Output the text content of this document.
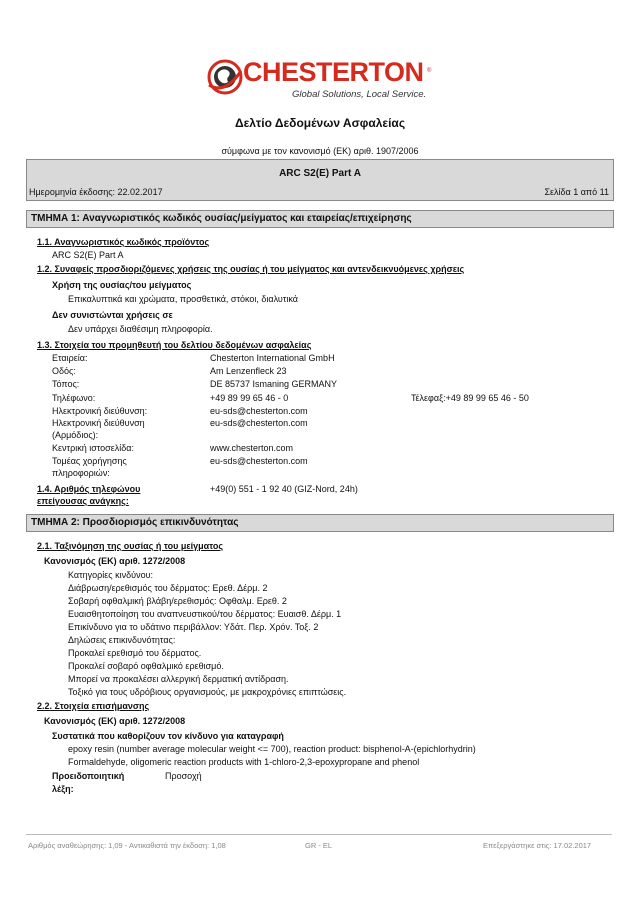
CHESTERTON ®
Global Solutions, Local Service.
Δελτίο Δεδομένων Ασφαλείας
σύμφωνα με τον κανονισμό (ΕΚ) αριθ. 1907/2006
ARC S2(E) Part A
Ημερομηνία έκδοσης: 22.02.2017	Σελίδα 1 από 11
ΤΜΗΜΑ 1: Αναγνωριστικός κωδικός ουσίας/μείγματος και εταιρείας/επιχείρησης
1.1. Αναγνωριστικός κωδικός προϊόντος
ARC S2(E) Part A
1.2. Συναφείς προσδιοριζόμενες χρήσεις της ουσίας ή του μείγματος και αντενδεικνυόμενες χρήσεις
Χρήση της ουσίας/του μείγματος
Επικαλυπτικά και χρώματα, προσθετικά, στόκοι, διαλυτικά
Δεν συνιστώνται χρήσεις σε
Δεν υπάρχει διαθέσιμη πληροφορία.
1.3. Στοιχεία του προμηθευτή του δελτίου δεδομένων ασφαλείας
Εταιρεία:	Chesterton International GmbH
Οδός:	Am Lenzenfleck 23
Τόπος:	DE 85737 Ismaning GERMANY
Τηλέφωνο:	+49 89 99 65 46 - 0	Τέλεφαξ:+49 89 99 65 46 - 50
Ηλεκτρονική διεύθυνση:	eu-sds@chesterton.com
Ηλεκτρονική διεύθυνση	eu-sds@chesterton.com
(Αρμόδιος):
Κεντρική ιστοσελίδα:	www.chesterton.com
Τομέας χορήγησης	eu-sds@chesterton.com
πληροφοριών:
1.4. Αριθμός τηλεφώνου
επείγουσας ανάγκης:
+49(0) 551 - 1 92 40 (GIZ-Nord, 24h)
ΤΜΗΜΑ 2: Προσδιορισμός επικινδυνότητας
2.1. Ταξινόμηση της ουσίας ή του μείγματος
Κανονισμός (ΕΚ) αριθ. 1272/2008
Κατηγορίες κινδύνου:
Διάβρωση/ερεθισμός του δέρματος: Ερεθ. Δέρμ. 2
Σοβαρή οφθαλμική βλάβη/ερεθισμός: Οφθαλμ. Ερεθ. 2
Ευαισθητοποίηση του αναπνευστικού/του δέρματος: Ευαισθ. Δέρμ. 1
Επικίνδυνο για το υδάτινο περιβάλλον: Υδάτ. Περ. Χρόν. Τοξ. 2
Δηλώσεις επικινδυνότητας:
Προκαλεί ερεθισμό του δέρματος.
Προκαλεί σοβαρό οφθαλμικό ερεθισμό.
Μπορεί να προκαλέσει αλλεργική δερματική αντίδραση.
Τοξικό για τους υδρόβιους οργανισμούς, με μακροχρόνιες επιπτώσεις.
2.2. Στοιχεία επισήμανσης
Κανονισμός (ΕΚ) αριθ. 1272/2008
Συστατικά που καθορίζουν τον κίνδυνο για καταγραφή
epoxy resin (number average molecular weight <= 700), reaction product: bisphenol-A-(epichlorhydrin)
Formaldehyde, oligomeric reaction products with 1-chloro-2,3-epoxypropane and phenol
Προειδοποιητική
λέξη:
Προσοχή
Αριθμός αναθεώρησης: 1,09 - Αντικαθιστά την έκδοση: 1,08	GR - EL	Επεξεργάστηκε στις: 17.02.2017
